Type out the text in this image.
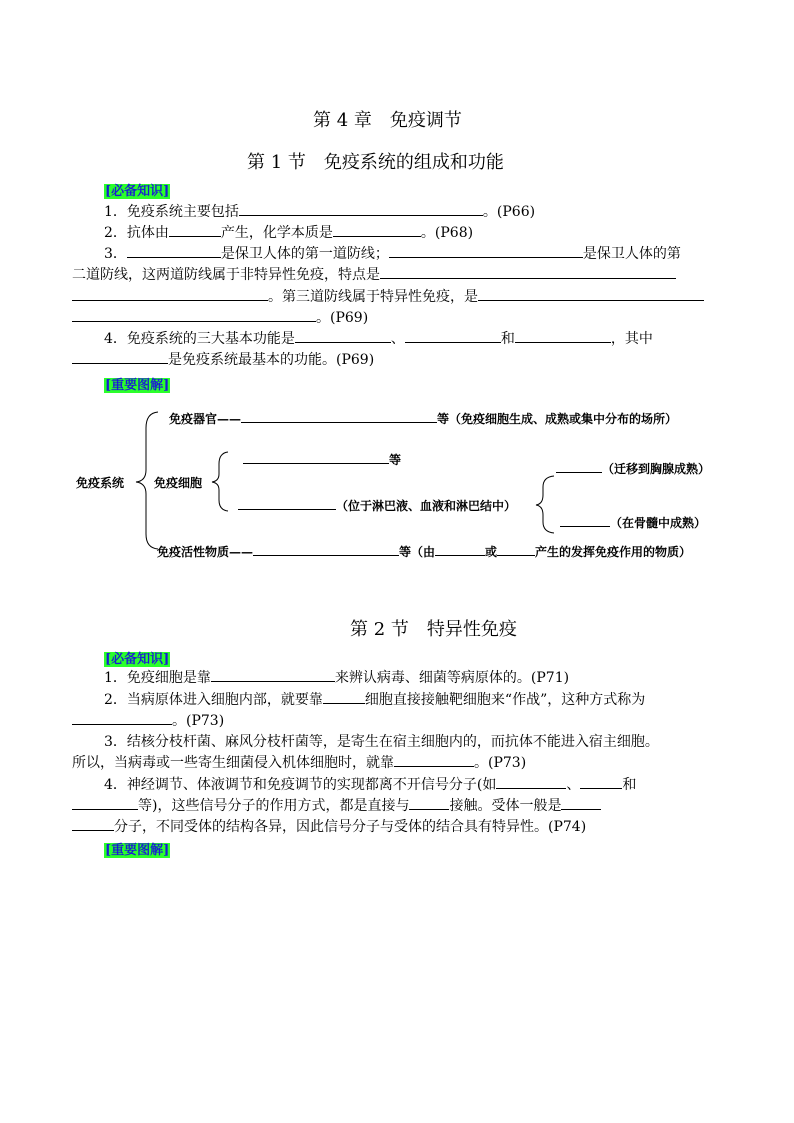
第 4 章　免疫调节
第 1 节　免疫系统的组成和功能
[必备知识]
1．免疫系统主要包括	。(P66)
2．抗体由	产生，化学本质是	。(P68)
3．	是保卫人体的第一道防线；	是保卫人体的第
二道防线，这两道防线属于非特异性免疫，特点是
。第三道防线属于特异性免疫，是
。(P69)
4．免疫系统的三大基本功能是	、	和	，其中
是免疫系统最基本的功能。(P69)
[重要图解]
免疫系统
免疫器官——	等（免疫细胞生成、成熟或集中分布的场所）
免疫细胞
等
（位于淋巴液、血液和淋巴结中）
（迁移到胸腺成熟）
（在骨髓中成熟）
免疫活性物质——	等（由	或	产生的发挥免疫作用的物质）
第 2 节　特异性免疫
[必备知识]
1．免疫细胞是靠	来辨认病毒、细菌等病原体的。(P71)
2．当病原体进入细胞内部，就要靠	细胞直接接触靶细胞来“作战”，这种方式称为
。(P73)
3．结核分枝杆菌、麻风分枝杆菌等，是寄生在宿主细胞内的，而抗体不能进入宿主细胞。
所以，当病毒或一些寄生细菌侵入机体细胞时，就靠	。(P73)
4．神经调节、体液调节和免疫调节的实现都离不开信号分子(如	、	和
等)，这些信号分子的作用方式，都是直接与	接触。受体一般是
分子，不同受体的结构各异，因此信号分子与受体的结合具有特异性。(P74)
[重要图解]
